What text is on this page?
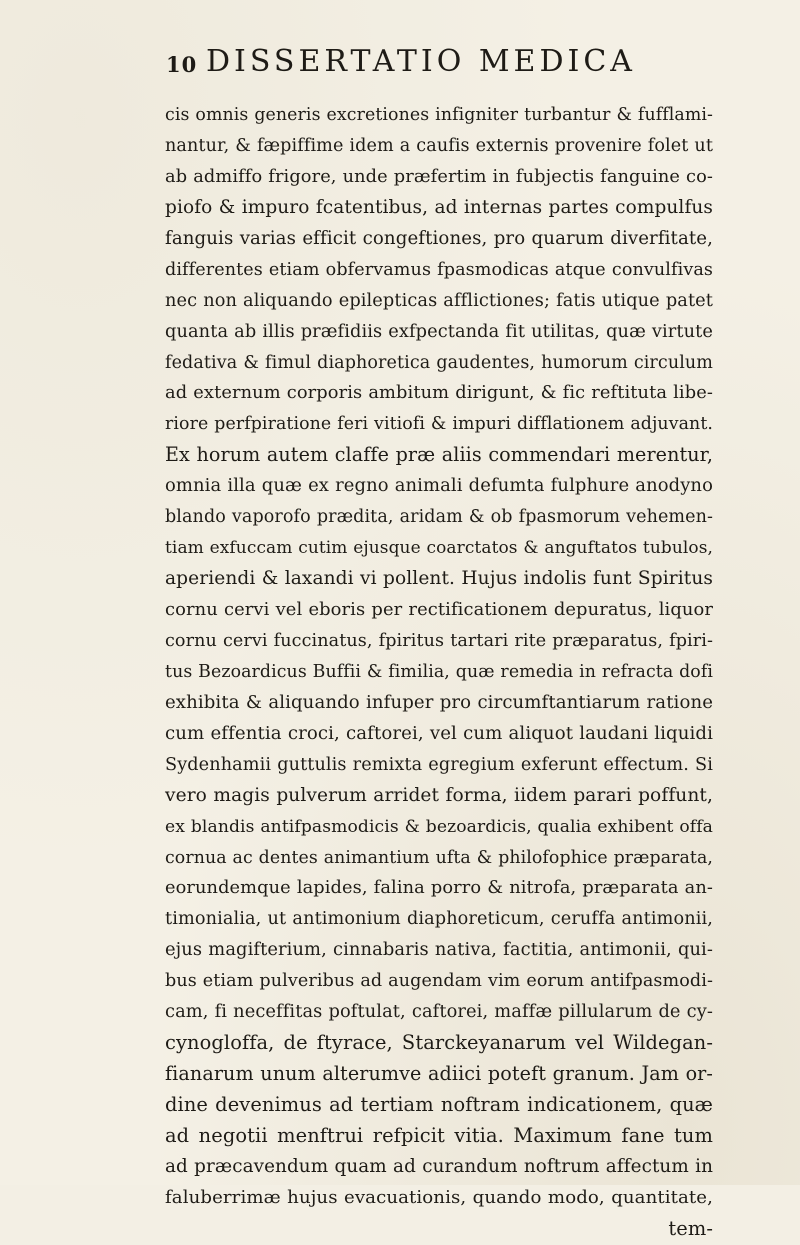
10 DISSERTATIO MEDICA
cis omnis generis excretiones infigniter turbantur & fufflami-
nantur, & fæpiffime idem a caufis externis provenire folet ut
ab admiffo frigore, unde præfertim in fubjectis fanguine co-
piofo & impuro fcatentibus, ad internas partes compulfus
fanguis varias efficit congeftiones, pro quarum diverfitate,
differentes etiam obfervamus fpasmodicas atque convulfivas
nec non aliquando epilepticas afflictiones; fatis utique patet
quanta ab illis præfidiis exfpectanda fit utilitas, quæ virtute
fedativa & fimul diaphoretica gaudentes, humorum circulum
ad externum corporis ambitum dirigunt, & fic reftituta libe-
riore perfpiratione feri vitiofi & impuri difflationem adjuvant.
Ex horum autem claffe præ aliis commendari merentur,
omnia illa quæ ex regno animali defumta fulphure anodyno
blando vaporofo prædita, aridam & ob fpasmorum vehemen-
tiam exfuccam cutim ejusque coarctatos & anguftatos tubulos,
aperiendi & laxandi vi pollent. Hujus indolis funt Spiritus
cornu cervi vel eboris per rectificationem depuratus, liquor
cornu cervi fuccinatus, fpiritus tartari rite præparatus, fpiri-
tus Bezoardicus Buffii & fimilia, quæ remedia in refracta dofi
exhibita & aliquando infuper pro circumftantiarum ratione
cum effentia croci, caftorei, vel cum aliquot laudani liquidi
Sydenhamii guttulis remixta egregium exferunt effectum. Si
vero magis pulverum arridet forma, iidem parari poffunt,
ex blandis antifpasmodicis & bezoardicis, qualia exhibent offa
cornua ac dentes animantium ufta & philofophice præparata,
eorundemque lapides, falina porro & nitrofa, præparata an-
timonialia, ut antimonium diaphoreticum, ceruffa antimonii,
ejus magifterium, cinnabaris nativa, factitia, antimonii, qui-
bus etiam pulveribus ad augendam vim eorum antifpasmodi-
cam, fi neceffitas poftulat, caftorei, maffæ pillularum de cy-
cynogloffa, de ftyrace, Starckeyanarum vel Wildegan-
fianarum unum alterumve adiici poteft granum. Jam or-
dine devenimus ad tertiam noftram indicationem, quæ
ad negotii menftrui refpicit vitia. Maximum fane tum
ad præcavendum quam ad curandum noftrum affectum in
faluberrimæ hujus evacuationis, quando modo, quantitate,
tem-
